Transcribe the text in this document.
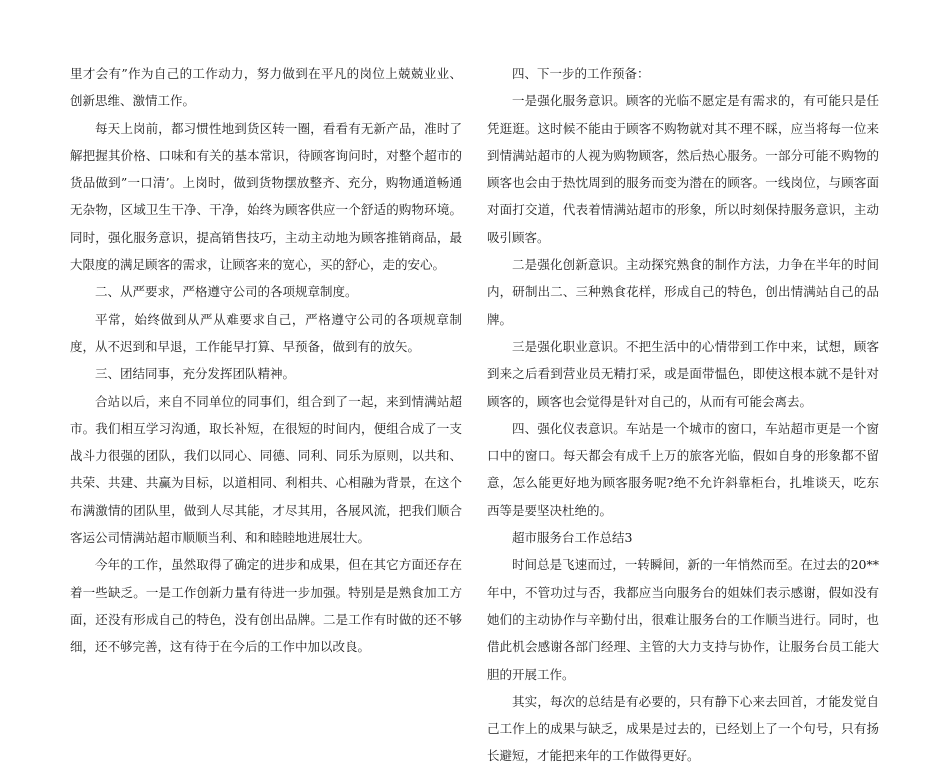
里才会有”作为自己的工作动力，努力做到在平凡的岗位上兢兢业业、创新思维、激情工作。

每天上岗前，都习惯性地到货区转一圈，看看有无新产品，准时了解把握其价格、口味和有关的基本常识，待顾客询问时，对整个超市的货品做到”一口清’。上岗时，做到货物摆放整齐、充分，购物通道畅通无杂物，区域卫生干净、干净，始终为顾客供应一个舒适的购物环境。同时，强化服务意识，提高销售技巧，主动主动地为顾客推销商品，最大限度的满足顾客的需求，让顾客来的宽心，买的舒心，走的安心。

二、从严要求，严格遵守公司的各项规章制度。

平常，始终做到从严从难要求自己，严格遵守公司的各项规章制度，从不迟到和早退，工作能早打算、早预备，做到有的放矢。

三、团结同事，充分发挥团队精神。

合站以后，来自不同单位的同事们，组合到了一起，来到情满站超市。我们相互学习沟通，取长补短，在很短的时间内，便组合成了一支战斗力很强的团队，我们以同心、同德、同利、同乐为原则，以共和、共荣、共建、共赢为目标，以道相同、利相共、心相融为背景，在这个布满激情的团队里，做到人尽其能，才尽其用，各展风流，把我们顺合客运公司情满站超市顺顺当利、和和睦睦地进展壮大。

今年的工作，虽然取得了确定的进步和成果，但在其它方面还存在着一些缺乏。一是工作创新力量有待进一步加强。特别是是熟食加工方面，还没有形成自己的特色，没有创出品牌。二是工作有时做的还不够细，还不够完善，这有待于在今后的工作中加以改良。

四、下一步的工作预备：

一是强化服务意识。顾客的光临不愿定是有需求的，有可能只是任凭逛逛。这时候不能由于顾客不购物就对其不理不睬，应当将每一位来到情满站超市的人视为购物顾客，然后热心服务。一部分可能不购物的顾客也会由于热忱周到的服务而变为潜在的顾客。一线岗位，与顾客面对面打交道，代表着情满站超市的形象，所以时刻保持服务意识，主动吸引顾客。

二是强化创新意识。主动探究熟食的制作方法，力争在半年的时间内，研制出二、三种熟食花样，形成自己的特色，创出情满站自己的品牌。

三是强化职业意识。不把生活中的心情带到工作中来，试想，顾客到来之后看到营业员无精打采，或是面带愠色，即使这根本就不是针对顾客的，顾客也会觉得是针对自己的，从而有可能会离去。

四、强化仪表意识。车站是一个城市的窗口，车站超市更是一个窗口中的窗口。每天都会有成千上万的旅客光临，假如自身的形象都不留意，怎么能更好地为顾客服务呢?绝不允许斜靠柜台，扎堆谈天，吃东西等是要坚决杜绝的。

超市服务台工作总结3

时间总是飞速而过，一转瞬间，新的一年悄然而至。在过去的20**年中，不管功过与否，我都应当向服务台的姐妹们表示感谢，假如没有她们的主动协作与辛勤付出，很难让服务台的工作顺当进行。同时，也借此机会感谢各部门经理、主管的大力支持与协作，让服务台员工能大胆的开展工作。

其实，每次的总结是有必要的，只有静下心来去回首，才能发觉自己工作上的成果与缺乏，成果是过去的，已经划上了一个句号，只有扬长避短，才能把来年的工作做得更好。
